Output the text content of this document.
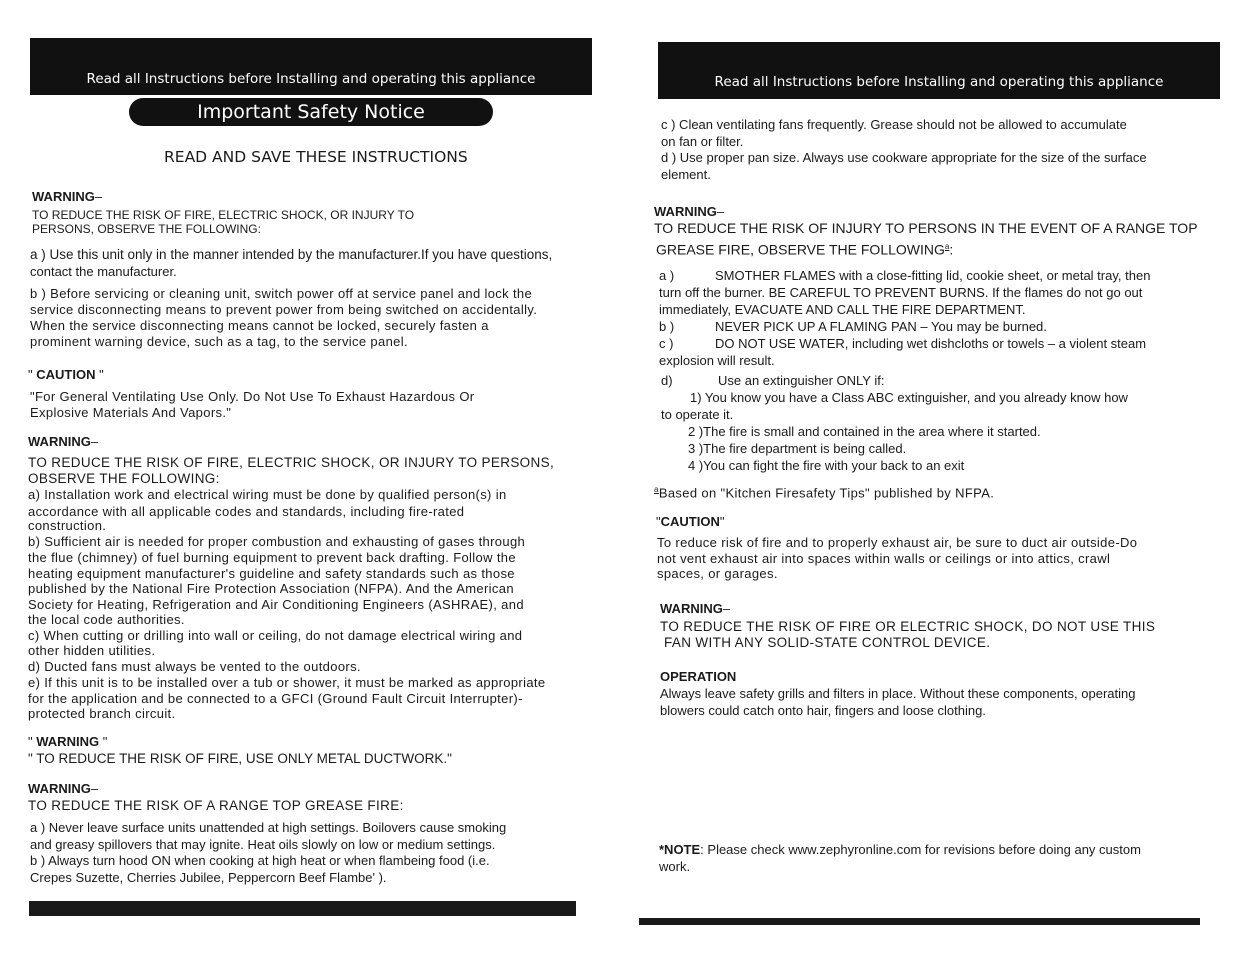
Read all Instructions before Installing and operating this appliance
Important Safety Notice
READ AND SAVE THESE INSTRUCTIONS
WARNING–
TO REDUCE THE RISK OF FIRE, ELECTRIC SHOCK, OR INJURY TO
PERSONS, OBSERVE THE FOLLOWING:
a ) Use this unit only in the manner intended by the manufacturer.If you have questions,
contact the manufacturer.
b ) Before servicing or cleaning unit, switch power off at service panel and lock the
service disconnecting means to prevent power from being switched on accidentally.
When the service disconnecting means cannot be locked, securely fasten a
prominent warning device, such as a tag, to the service panel.
" CAUTION "
"For General Ventilating Use Only. Do Not Use To Exhaust Hazardous Or
Explosive Materials And Vapors."
WARNING–
TO REDUCE THE RISK OF FIRE, ELECTRIC SHOCK, OR INJURY TO PERSONS,
OBSERVE THE FOLLOWING:
a) Installation work and electrical wiring must be done by qualified person(s) in
accordance with all applicable codes and standards, including fire-rated
construction.
b) Sufficient air is needed for proper combustion and exhausting of gases through
the flue (chimney) of fuel burning equipment to prevent back drafting. Follow the
heating equipment manufacturer's guideline and safety standards such as those
published by the National Fire Protection Association (NFPA). And the American
Society for Heating, Refrigeration and Air Conditioning Engineers (ASHRAE), and
the local code authorities.
c) When cutting or drilling into wall or ceiling, do not damage electrical wiring and
other hidden utilities.
d) Ducted fans must always be vented to the outdoors.
e) If this unit is to be installed over a tub or shower, it must be marked as appropriate
for the application and be connected to a GFCI (Ground Fault Circuit Interrupter)-
protected branch circuit.
" WARNING "
" TO REDUCE THE RISK OF FIRE, USE ONLY METAL DUCTWORK."
WARNING–
TO REDUCE THE RISK OF A RANGE TOP GREASE FIRE:
a ) Never leave surface units unattended at high settings. Boilovers cause smoking
and greasy spillovers that may ignite. Heat oils slowly on low or medium settings.
b ) Always turn hood ON when cooking at high heat or when flambeing food (i.e.
Crepes Suzette, Cherries Jubilee, Peppercorn Beef Flambe' ).
Read all Instructions before Installing and operating this appliance
c ) Clean ventilating fans frequently. Grease should not be allowed to accumulate
on fan or filter.
d ) Use proper pan size. Always use cookware appropriate for the size of the surface
element.
WARNING–
TO REDUCE THE RISK OF INJURY TO PERSONS IN THE EVENT OF A RANGE TOP
GREASE FIRE, OBSERVE THE FOLLOWING$^a$:
a )	SMOTHER FLAMES with a close-fitting lid, cookie sheet, or metal tray, then
turn off the burner. BE CAREFUL TO PREVENT BURNS. If the flames do not go out
immediately, EVACUATE AND CALL THE FIRE DEPARTMENT.
b )	NEVER PICK UP A FLAMING PAN – You may be burned.
c )	DO NOT USE WATER, including wet dishcloths or towels – a violent steam
explosion will result.
d)	Use an extinguisher ONLY if:
1) You know you have a Class ABC extinguisher, and you already know how
to operate it.
2 )The fire is small and contained in the area where it started.
3 )The fire department is being called.
4 )You can fight the fire with your back to an exit
$^a$Based on "Kitchen Firesafety Tips" published by NFPA.
"CAUTION"
To reduce risk of fire and to properly exhaust air, be sure to duct air outside-Do
not vent exhaust air into spaces within walls or ceilings or into attics, crawl
spaces, or garages.
WARNING–
TO REDUCE THE RISK OF FIRE OR ELECTRIC SHOCK, DO NOT USE THIS
FAN WITH ANY SOLID-STATE CONTROL DEVICE.
OPERATION
Always leave safety grills and filters in place. Without these components, operating
blowers could catch onto hair, fingers and loose clothing.
*NOTE: Please check www.zephyronline.com for revisions before doing any custom
work.
